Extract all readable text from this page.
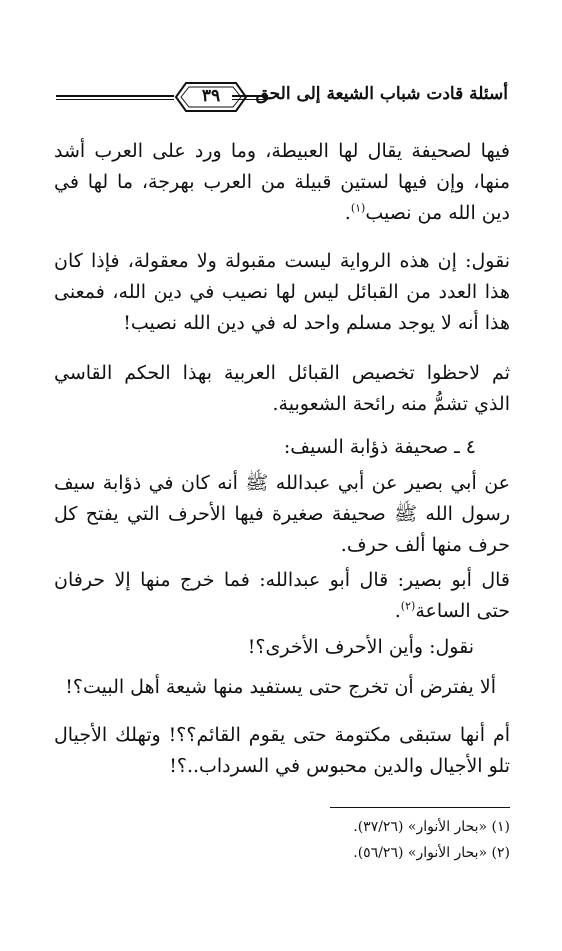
أسئلة قادت شباب الشيعة إلى الحق
٣٩

فيها لصحيفة يقال لها العبيطة، وما ورد على العرب أشد منها، وإن فيها لستين قبيلة من العرب بهرجة، ما لها في دين الله من نصيب$^{(١)}$.

نقول: إن هذه الرواية ليست مقبولة ولا معقولة، فإذا كان هذا العدد من القبائل ليس لها نصيب في دين الله، فمعنى هذا أنه لا يوجد مسلم واحد له في دين الله نصيب!

ثم لاحظوا تخصيص القبائل العربية بهذا الحكم القاسي الذي تشمُّ منه رائحة الشعوبية.

٤ ـ صحيفة ذؤابة السيف:

عن أبي بصير عن أبي عبدالله ﷺ أنه كان في ذؤابة سيف رسول الله ﷺ صحيفة صغيرة فيها الأحرف التي يفتح كل حرف منها ألف حرف.

قال أبو بصير: قال أبو عبدالله: فما خرج منها إلا حرفان حتى الساعة$^{(٢)}$.

نقول: وأين الأحرف الأخرى؟!

ألا يفترض أن تخرج حتى يستفيد منها شيعة أهل البيت؟!

أم أنها ستبقى مكتومة حتى يقوم القائم؟؟! وتهلك الأجيال تلو الأجيال والدين محبوس في السرداب..؟!

(١) «بحار الأنوار» (٣٧/٢٦).

(٢) «بحار الأنوار» (٥٦/٢٦).
